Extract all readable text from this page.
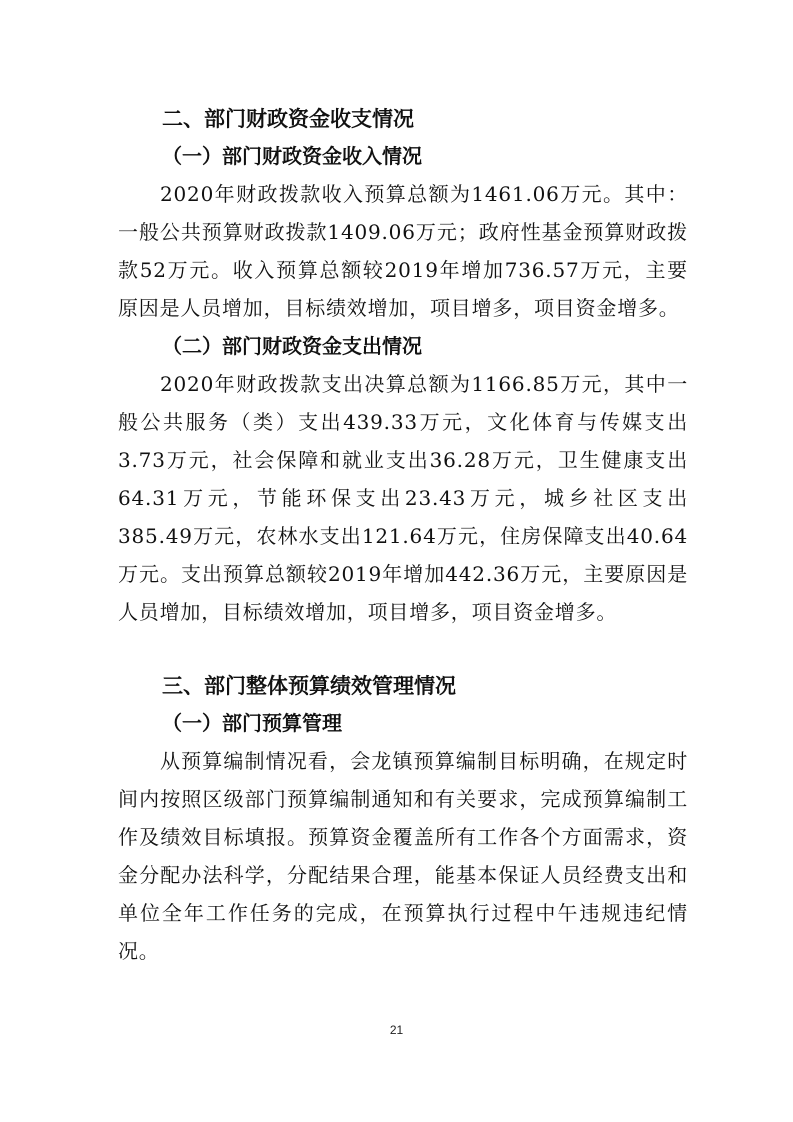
二、部门财政资金收支情况
（一）部门财政资金收入情况

2020年财政拨款收入预算总额为1461.06万元。其中：一般公共预算财政拨款1409.06万元；政府性基金预算财政拨款52万元。收入预算总额较2019年增加736.57万元，主要原因是人员增加，目标绩效增加，项目增多，项目资金增多。

（二）部门财政资金支出情况

2020年财政拨款支出决算总额为1166.85万元，其中一般公共服务（类）支出439.33万元，文化体育与传媒支出3.73万元，社会保障和就业支出36.28万元，卫生健康支出64.31万元，节能环保支出23.43万元，城乡社区支出385.49万元，农林水支出121.64万元，住房保障支出40.64万元。支出预算总额较2019年增加442.36万元，主要原因是人员增加，目标绩效增加，项目增多，项目资金增多。

三、部门整体预算绩效管理情况
（一）部门预算管理

从预算编制情况看，会龙镇预算编制目标明确，在规定时间内按照区级部门预算编制通知和有关要求，完成预算编制工作及绩效目标填报。预算资金覆盖所有工作各个方面需求，资金分配办法科学，分配结果合理，能基本保证人员经费支出和单位全年工作任务的完成，在预算执行过程中午违规违纪情况。

21
